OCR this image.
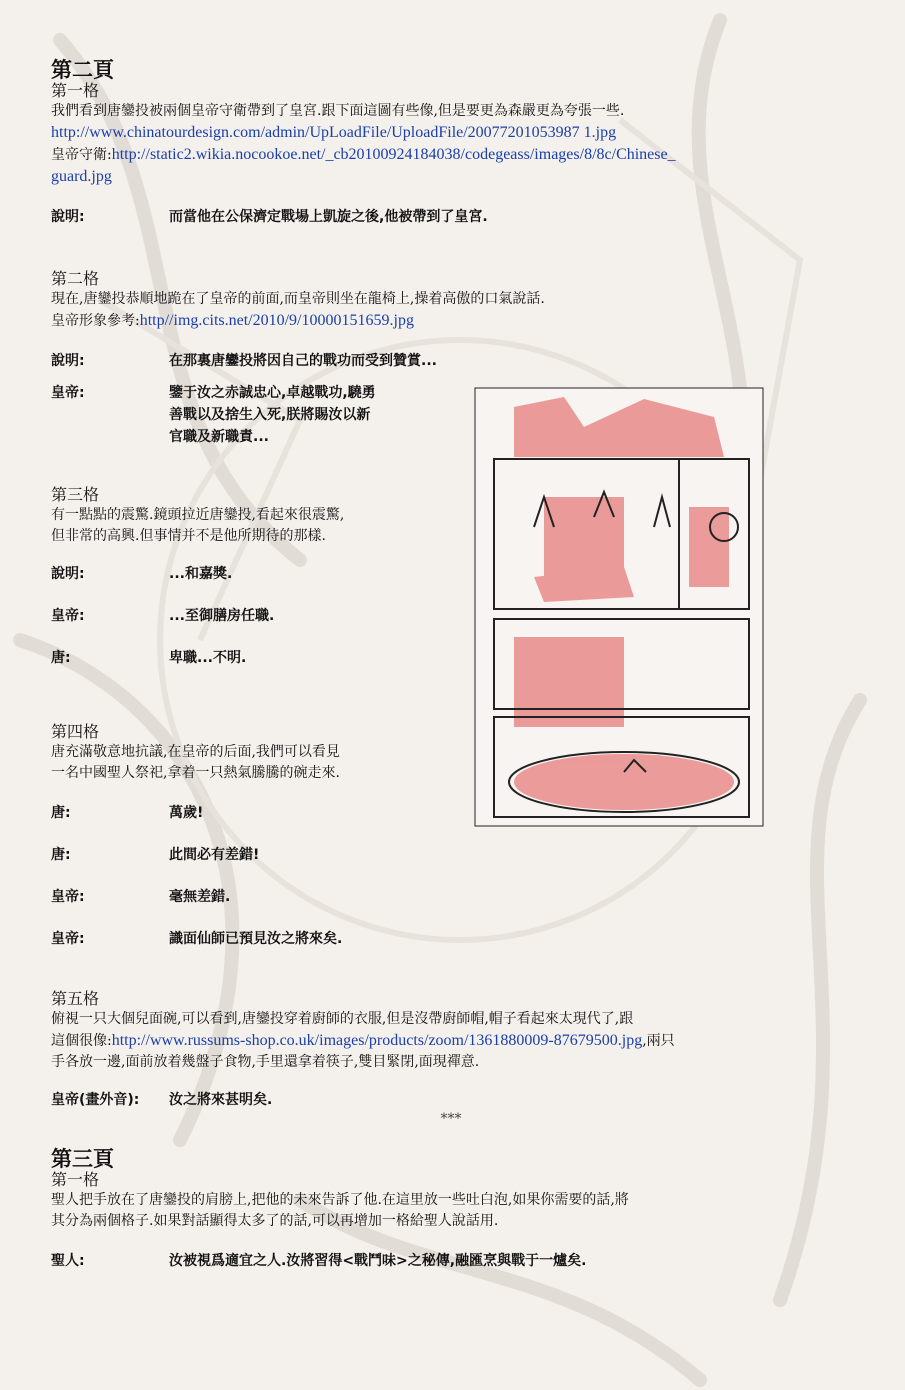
第二頁
第一格
我們看到唐鑾投被兩個皇帝守衛帶到了皇宮.跟下面這圖有些像,但是要更為森嚴更為夸張一些.
http://www.chinatourdesign.com/admin/UpLoadFile/UploadFile/20077201053987 1.jpg
皇帝守衛:http://static2.wikia.nocookoe.net/_cb20100924184038/codegeass/images/8/8c/Chinese_
guard.jpg
說明:	而當他在公保濟定戰場上凱旋之後,他被帶到了皇宮.
第二格
現在,唐鑾投恭順地跪在了皇帝的前面,而皇帝則坐在龍椅上,操着高傲的口氣說話.
皇帝形象參考:http//img.cits.net/2010/9/10000151659.jpg
說明:	在那裏唐鑾投將因自己的戰功而受到贊賞...
皇帝:	鑒于汝之赤誠忠心,卓越戰功,驍勇
善戰以及捨生入死,朕將賜汝以新
官職及新職責...
第三格
有一點點的震驚.鏡頭拉近唐鑾投,看起來很震驚,
但非常的高興.但事情并不是他所期待的那樣.
說明:	...和嘉獎.
皇帝:	...至御膳房任職.
唐:	卑職...不明.
第四格
唐充滿敬意地抗議,在皇帝的后面,我們可以看見
一名中國聖人祭祀,拿着一只熱氣騰騰的碗走來.
唐:	萬歲!
唐:	此間必有差錯!
皇帝:	毫無差錯.
皇帝:	識面仙師已預見汝之將來矣.
第五格
俯視一只大個兒面碗,可以看到,唐鑾投穿着廚師的衣服,但是沒帶廚師帽,帽子看起來太現代了,跟
這個很像:http://www.russums-shop.co.uk/images/products/zoom/1361880009-87679500.jpg,兩只
手各放一邊,面前放着幾盤子食物,手里還拿着筷子,雙目緊閉,面現禪意.
皇帝(畫外音):	汝之將來甚明矣.
***
第三頁
第一格
聖人把手放在了唐鑾投的肩膀上,把他的未來告訴了他.在這里放一些吐白泡,如果你需要的話,將
其分為兩個格子.如果對話顯得太多了的話,可以再增加一格給聖人說話用.
聖人:	汝被視爲適宜之人.汝將習得<戰鬥味>之秘傳,融匯烹與戰于一爐矣.
